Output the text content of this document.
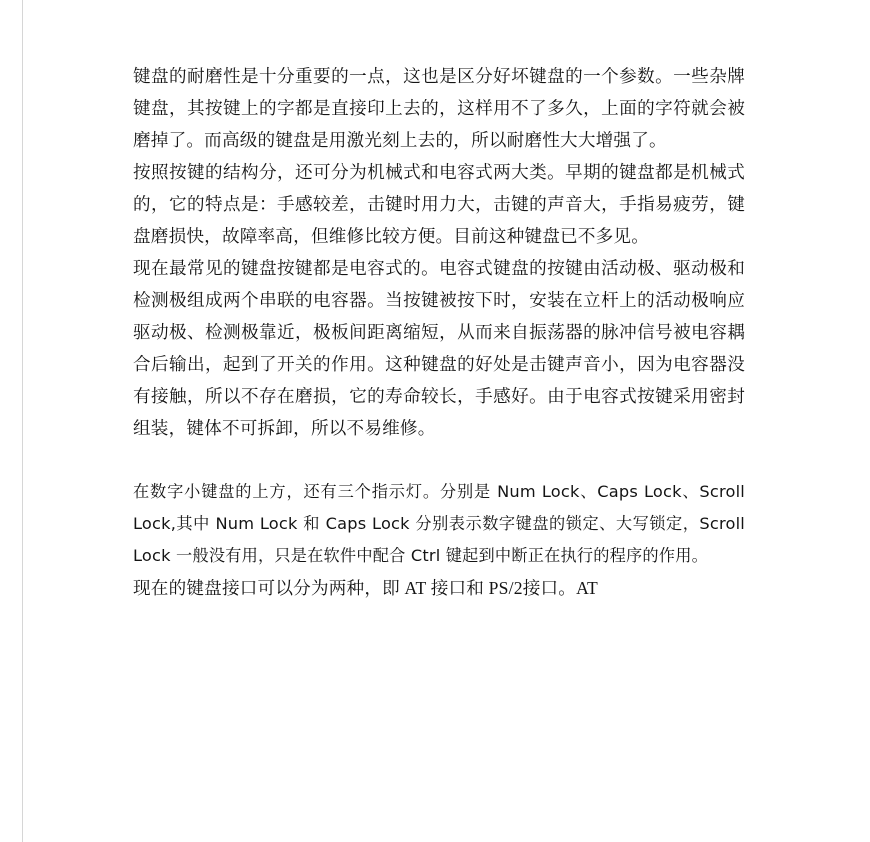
键盘的耐磨性是十分重要的一点，这也是区分好坏键盘的一个参数。一些杂牌键盘，其按键上的字都是直接印上去的，这样用不了多久，上面的字符就会被磨掉了。而高级的键盘是用激光刻上去的，所以耐磨性大大增强了。

按照按键的结构分，还可分为机械式和电容式两大类。早期的键盘都是机械式的，它的特点是：手感较差，击键时用力大，击键的声音大，手指易疲劳，键盘磨损快，故障率高，但维修比较方便。目前这种键盘已不多见。

现在最常见的键盘按键都是电容式的。电容式键盘的按键由活动极、驱动极和检测极组成两个串联的电容器。当按键被按下时，安装在立杆上的活动极响应驱动极、检测极靠近，极板间距离缩短，从而来自振荡器的脉冲信号被电容耦合后输出，起到了开关的作用。这种键盘的好处是击键声音小，因为电容器没有接触，所以不存在磨损，它的寿命较长，手感好。由于电容式按键采用密封组装，键体不可拆卸，所以不易维修。

在数字小键盘的上方，还有三个指示灯。分别是 Num Lock、Caps Lock、Scroll Lock,其中 Num Lock 和 Caps Lock 分别表示数字键盘的锁定、大写锁定，Scroll Lock 一般没有用，只是在软件中配合 Ctrl 键起到中断正在执行的程序的作用。

现在的键盘接口可以分为两种，即 AT 接口和 PS/2接口。AT
